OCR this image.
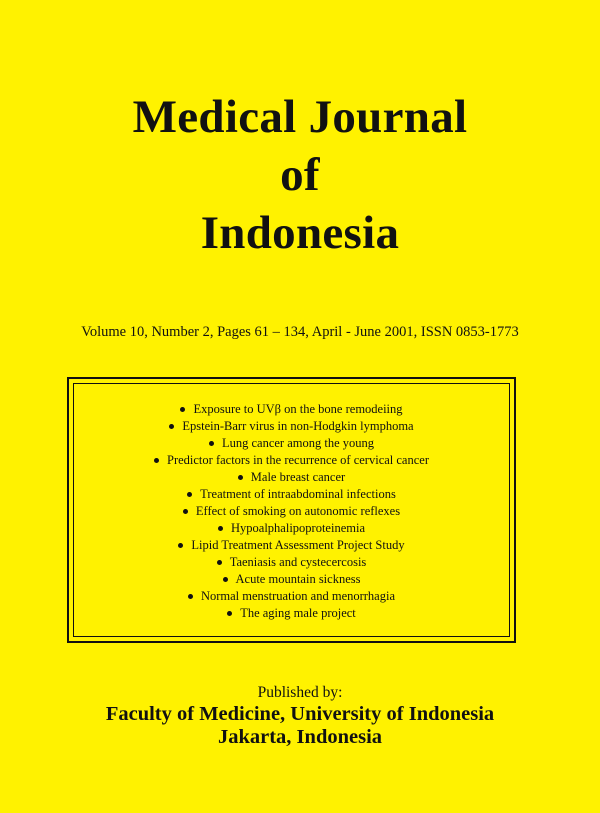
Medical Journal
of
Indonesia
Volume 10, Number 2, Pages 61 – 134, April - June 2001, ISSN 0853-1773
Exposure to UVβ on the bone remodeiing
Epstein-Barr virus in non-Hodgkin lymphoma
Lung cancer among the young
Predictor factors in the recurrence of cervical cancer
Male breast cancer
Treatment of intraabdominal infections
Effect of smoking on autonomic reflexes
Hypoalphalipoproteinemia
Lipid Treatment Assessment Project Study
Taeniasis and cystecercosis
Acute mountain sickness
Normal menstruation and menorrhagia
The aging male project
Published by:
Faculty of Medicine, University of Indonesia
Jakarta, Indonesia
